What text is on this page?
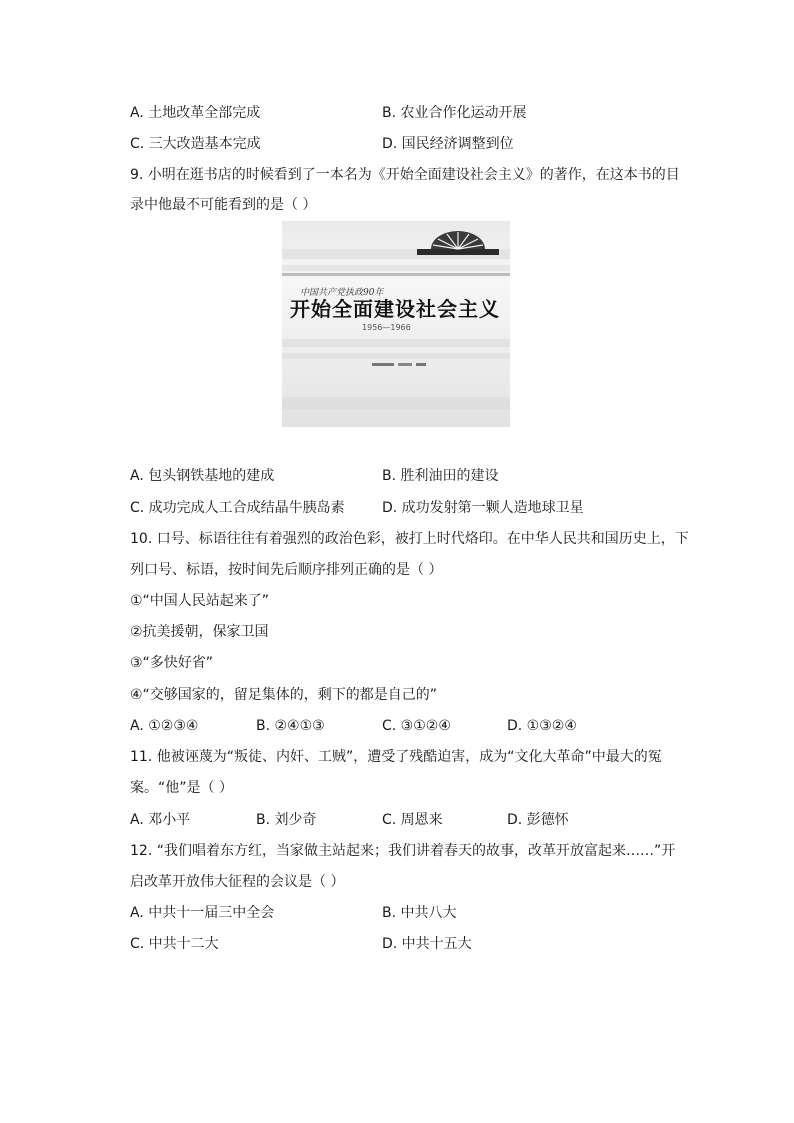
A. 土地改革全部完成	B. 农业合作化运动开展
C. 三大改造基本完成	D. 国民经济调整到位
9. 小明在逛书店的时候看到了一本名为《开始全面建设社会主义》的著作，在这本书的目
录中他最不可能看到的是（ ）
中国共产党执政90年
开始全面建设社会主义
1956—1966
A. 包头钢铁基地的建成	B. 胜利油田的建设
C. 成功完成人工合成结晶牛胰岛素	D. 成功发射第一颗人造地球卫星
10. 口号、标语往往有着强烈的政治色彩，被打上时代烙印。在中华人民共和国历史上，下
列口号、标语，按时间先后顺序排列正确的是（ ）
①“中国人民站起来了”
②抗美援朝，保家卫国
③“多快好省”
④“交够国家的，留足集体的，剩下的都是自己的”
A. ①②③④	B. ②④①③	C. ③①②④	D. ①③②④
11. 他被诬蔑为“叛徒、内奸、工贼”，遭受了残酷迫害，成为“文化大革命”中最大的冤
案。“他”是（ ）
A. 邓小平	B. 刘少奇	C. 周恩来	D. 彭德怀
12. “我们唱着东方红，当家做主站起来；我们讲着春天的故事，改革开放富起来……”开
启改革开放伟大征程的会议是（ ）
A. 中共十一届三中全会	B. 中共八大
C. 中共十二大	D. 中共十五大
